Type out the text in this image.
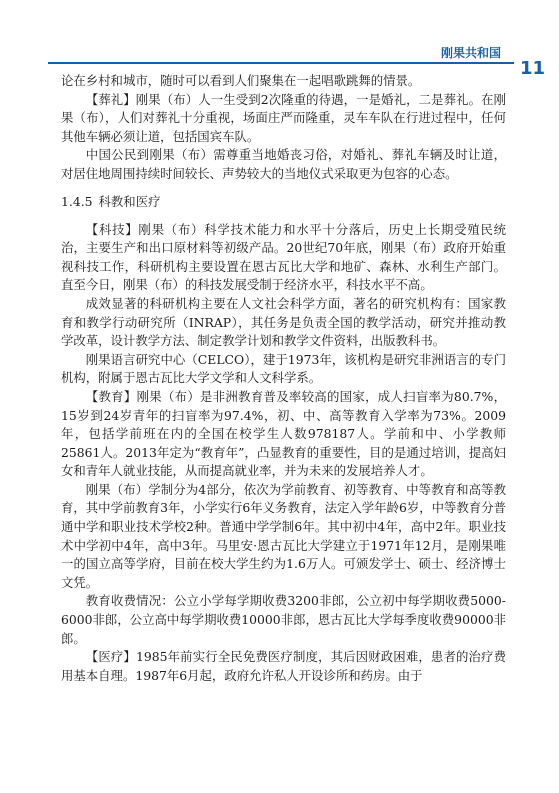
刚果共和国
11

论在乡村和城市，随时可以看到人们聚集在一起唱歌跳舞的情景。

【葬礼】刚果（布）人一生受到2次隆重的待遇，一是婚礼，二是葬礼。在刚果（布），人们对葬礼十分重视，场面庄严而隆重，灵车车队在行进过程中，任何其他车辆必须让道，包括国宾车队。

中国公民到刚果（布）需尊重当地婚丧习俗，对婚礼、葬礼车辆及时让道，对居住地周围持续时间较长、声势较大的当地仪式采取更为包容的心态。

1.4.5 科教和医疗

【科技】刚果（布）科学技术能力和水平十分落后，历史上长期受殖民统治，主要生产和出口原材料等初级产品。20世纪70年底，刚果（布）政府开始重视科技工作，科研机构主要设置在恩古瓦比大学和地矿、森林、水利生产部门。直至今日，刚果（布）的科技发展受制于经济水平，科技水平不高。

成效显著的科研机构主要在人文社会科学方面，著名的研究机构有：国家教育和教学行动研究所（INRAP），其任务是负责全国的教学活动，研究并推动教学改革，设计教学方法、制定教学计划和教学文件资料，出版教科书。

刚果语言研究中心（CELCO），建于1973年，该机构是研究非洲语言的专门机构，附属于恩古瓦比大学文学和人文科学系。

【教育】刚果（布）是非洲教育普及率较高的国家，成人扫盲率为80.7%，15岁到24岁青年的扫盲率为97.4%，初、中、高等教育入学率为73%。2009年，包括学前班在内的全国在校学生人数978187人。学前和中、小学教师25861人。2013年定为“教育年”，凸显教育的重要性，目的是通过培训，提高妇女和青年人就业技能，从而提高就业率，并为未来的发展培养人才。

刚果（布）学制分为4部分，依次为学前教育、初等教育、中等教育和高等教育，其中学前教育3年，小学实行6年义务教育，法定入学年龄6岁，中等教育分普通中学和职业技术学校2种。普通中学学制6年。其中初中4年，高中2年。职业技术中学初中4年，高中3年。马里安·恩古瓦比大学建立于1971年12月，是刚果唯一的国立高等学府，目前在校大学生约为1.6万人。可颁发学士、硕士、经济博士文凭。

教育收费情况：公立小学每学期收费3200非郎，公立初中每学期收费5000-6000非郎，公立高中每学期收费10000非郎，恩古瓦比大学每季度收费90000非郎。

【医疗】1985年前实行全民免费医疗制度，其后因财政困难，患者的治疗费用基本自理。1987年6月起，政府允许私人开设诊所和药房。由于
